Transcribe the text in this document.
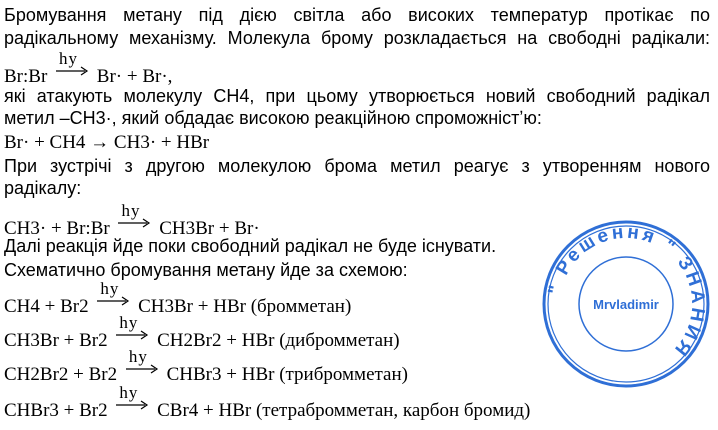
Бромування метану під дією світла або високих температур протікає по
радікальному механізму. Молекула брому розкладається на свободні радікали:
Br:Br
hy
Br· + Br·,
які атакують молекулу CH4, при цьому утворюється новий свободний радікал
метил –CH3·, який обдадає високою реакційною спроможністʼю:
Br· + CH4 → CH3· + HBr
При зустрічі з другою молекулою брома метил реагує з утворенням нового
радікалу:
CH3· + Br:Br
hy
CH3Br + Br·
Далі реакція йде поки свободний радікал не буде існувати.
Схематично бромування метану йде за схемою:
CH4 + Br2
hy
CH3Br + HBr (бромметан)
CH3Br + Br2
hy
CH2Br2 + HBr (дибромметан)
CH2Br2 + Br2
hy
CHBr3 + HBr (трибромметан)
CHBr3 + Br2
hy
CBr4 + HBr (тетрабромметан, карбон бромид)
" Решення " ЗНАНИЯ
Mrvladimir
